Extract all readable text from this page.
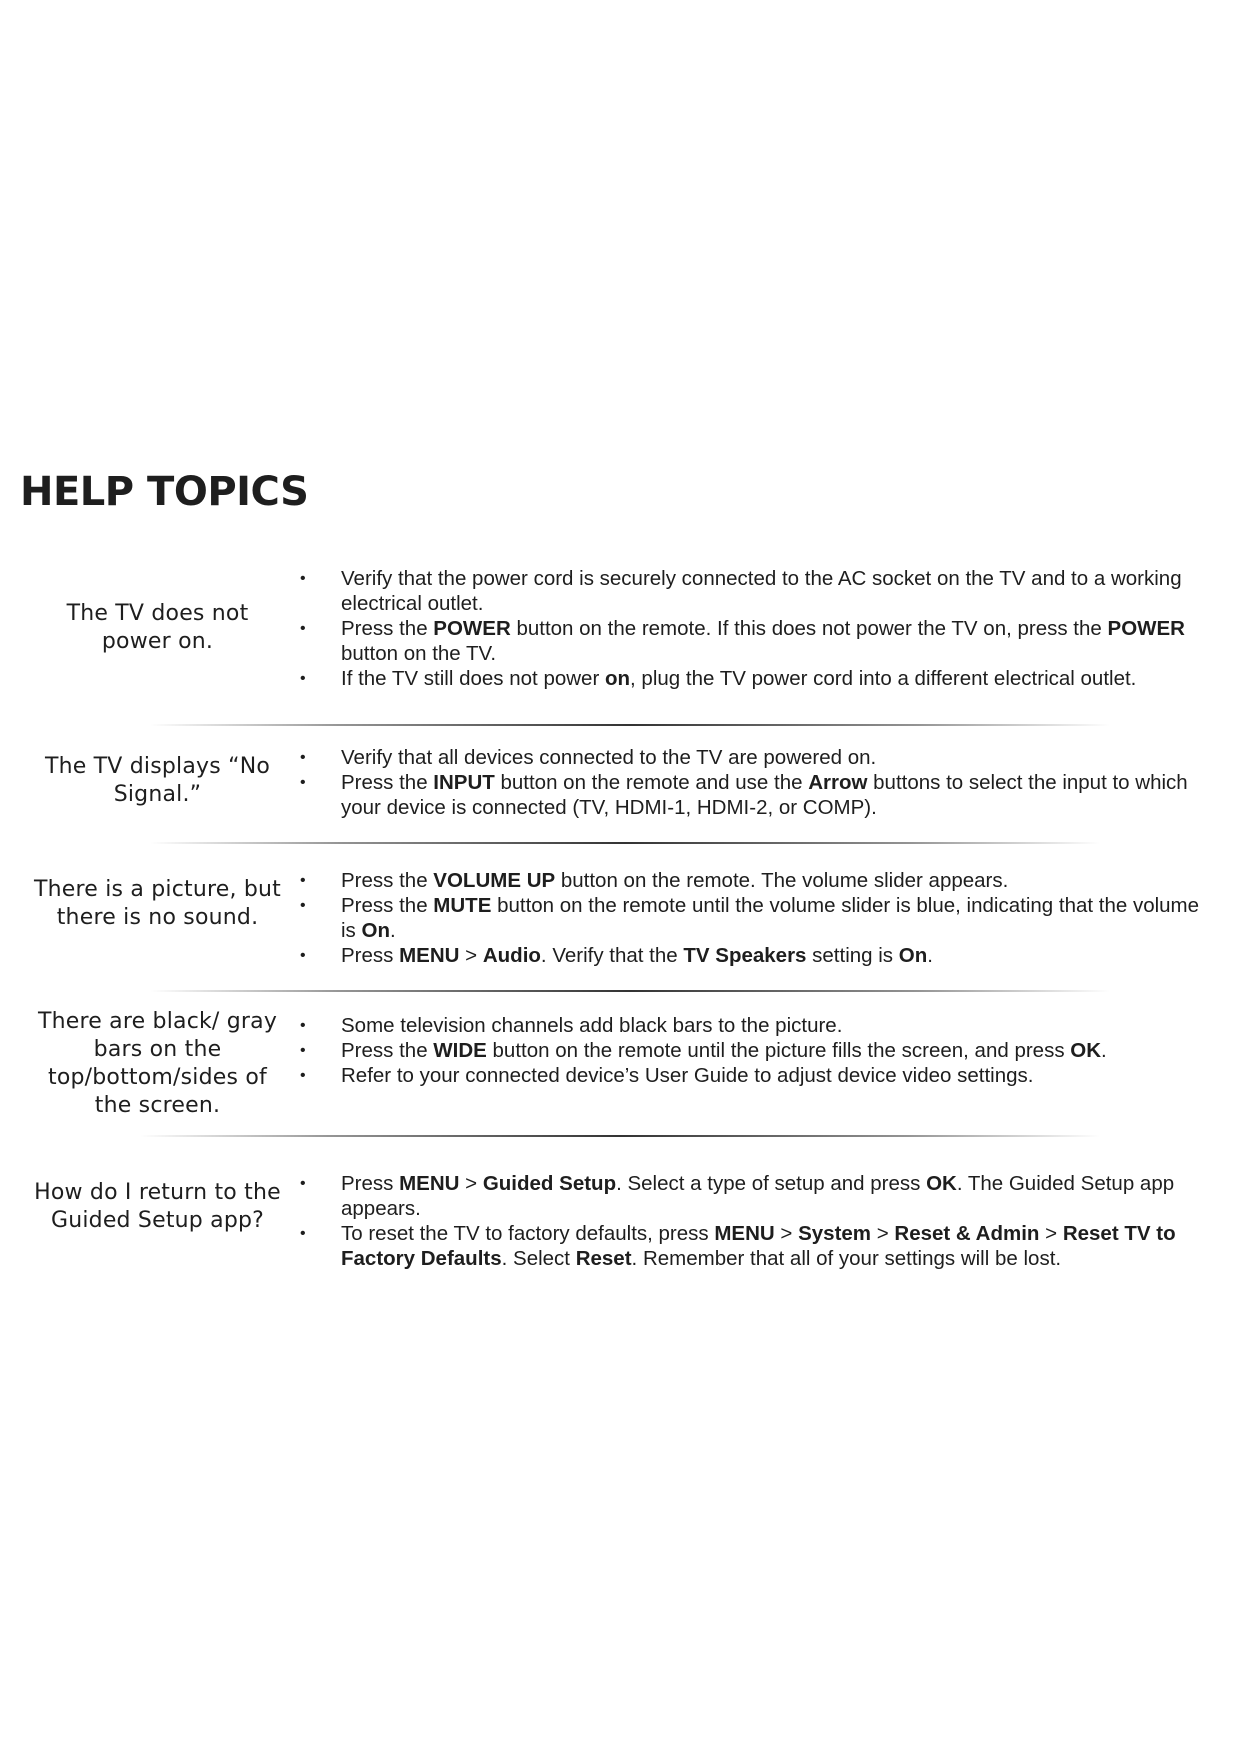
HELP TOPICS
The TV does not power on.
• Verify that the power cord is securely connected to the AC socket on the TV and to a working electrical outlet.
• Press the POWER button on the remote. If this does not power the TV on, press the POWER button on the TV.
• If the TV still does not power on, plug the TV power cord into a different electrical outlet.
The TV displays “No Signal.”
• Verify that all devices connected to the TV are powered on.
• Press the INPUT button on the remote and use the Arrow buttons to select the input to which your device is connected (TV, HDMI-1, HDMI-2, or COMP).
There is a picture, but there is no sound.
• Press the VOLUME UP button on the remote. The volume slider appears.
• Press the MUTE button on the remote until the volume slider is blue, indicating that the volume is On.
• Press MENU > Audio. Verify that the TV Speakers setting is On.
There are black/ gray bars on the top/bottom/sides of the screen.
• Some television channels add black bars to the picture.
• Press the WIDE button on the remote until the picture fills the screen, and press OK.
• Refer to your connected device’s User Guide to adjust device video settings.
How do I return to the Guided Setup app?
• Press MENU > Guided Setup. Select a type of setup and press OK. The Guided Setup app appears.
• To reset the TV to factory defaults, press MENU > System > Reset & Admin > Reset TV to Factory Defaults. Select Reset. Remember that all of your settings will be lost.
